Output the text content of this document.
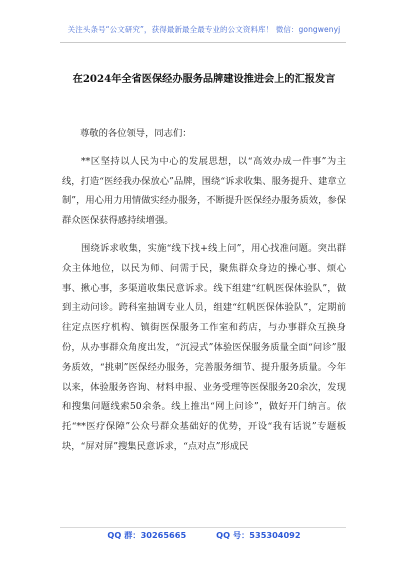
关注头条号“公文研究”，获得最新最全最专业的公文资料库！ 微信：gongwenyj
在2024年全省医保经办服务品牌建设推进会上的汇报发言

尊敬的各位领导，同志们：

**区坚持以人民为中心的发展思想，以“高效办成一件事”为主线，打造“医经我办保放心”品牌，围绕“诉求收集、服务提升、建章立制”，用心用力用情做实经办服务，不断提升医保经办服务质效，参保群众医保获得感持续增强。

围绕诉求收集，实施“线下找+线上问”，用心找准问题。突出群众主体地位，以民为师、问需于民，聚焦群众身边的操心事、烦心事、揪心事，多渠道收集民意诉求。线下组建“红帆医保体验队”，做到主动问诊。跨科室抽调专业人员，组建“红帆医保体验队”，定期前往定点医疗机构、镇街医保服务工作室和药店，与办事群众互换身份，从办事群众角度出发，“沉浸式”体验医保服务质量全面“问诊”服务质效，“挑刺”医保经办服务，完善服务细节、提升服务质量。今年以来，体验服务咨询、材料申报、业务受理等医保服务20余次，发现和搜集问题线索50余条。线上推出“网上问诊”，做好开门纳言。依托“**医疗保障”公众号群众基础好的优势，开设“我有话说”专题板块，“屏对屏”搜集民意诉求，“点对点”形成民

QQ 群：30265665	QQ 号：535304092
